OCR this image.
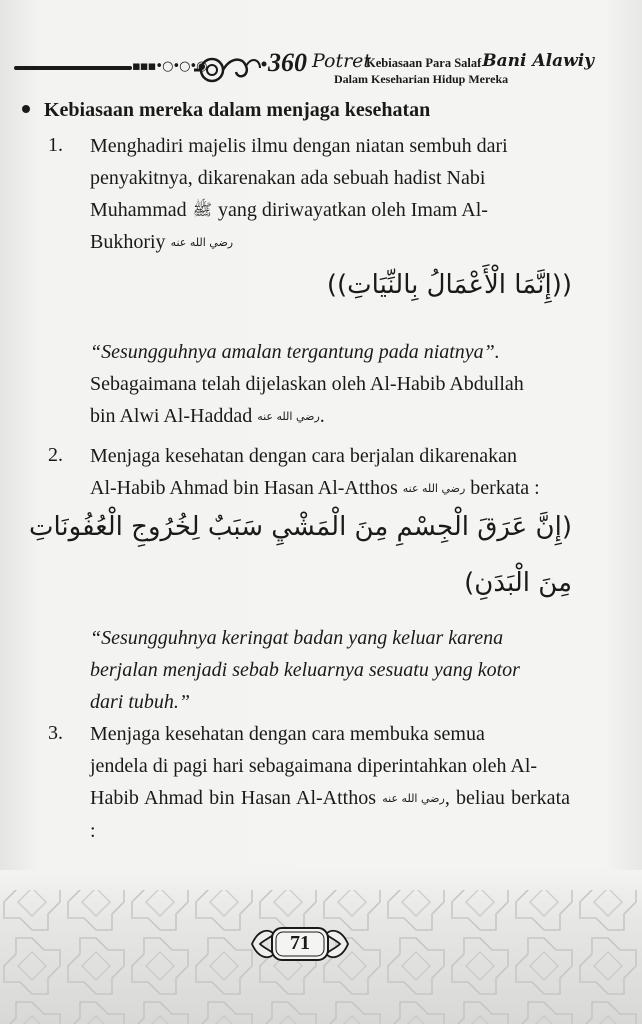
▪▪▪•○•○•◉ 360 Potret
Kebiasaan Para SalafBani Alawiy
Dalam Keseharian Hidup Mereka
Kebiasaan mereka dalam menjaga kesehatan
1. Menghadiri majelis ilmu dengan niatan sembuh dari
penyakitnya, dikarenakan ada sebuah hadist Nabi
Muhammad ﷺ yang diriwayatkan oleh Imam Al-
Bukhoriy رضي الله عنه
((إِنَّمَا الْأَعْمَالُ بِالنِّيَاتِ))
“Sesungguhnya amalan tergantung pada niatnya”.
Sebagaimana telah dijelaskan oleh Al-Habib Abdullah
bin Alwi Al-Haddad رضي الله عنه.
2. Menjaga kesehatan dengan cara berjalan dikarenakan
Al-Habib Ahmad bin Hasan Al-Atthos رضي الله عنه berkata :
(إِنَّ عَرَقَ الْجِسْمِ مِنَ الْمَشْيِ سَبَبٌ لِخُرُوجِ الْعُفُونَاتِ
مِنَ الْبَدَنِ)
“Sesungguhnya keringat badan yang keluar karena
berjalan menjadi sebab keluarnya sesuatu yang kotor
dari tubuh.”
3. Menjaga kesehatan dengan cara membuka semua
jendela di pagi hari sebagaimana diperintahkan oleh Al-
Habib Ahmad bin Hasan Al-Atthos رضي الله عنه, beliau berkata :
71
